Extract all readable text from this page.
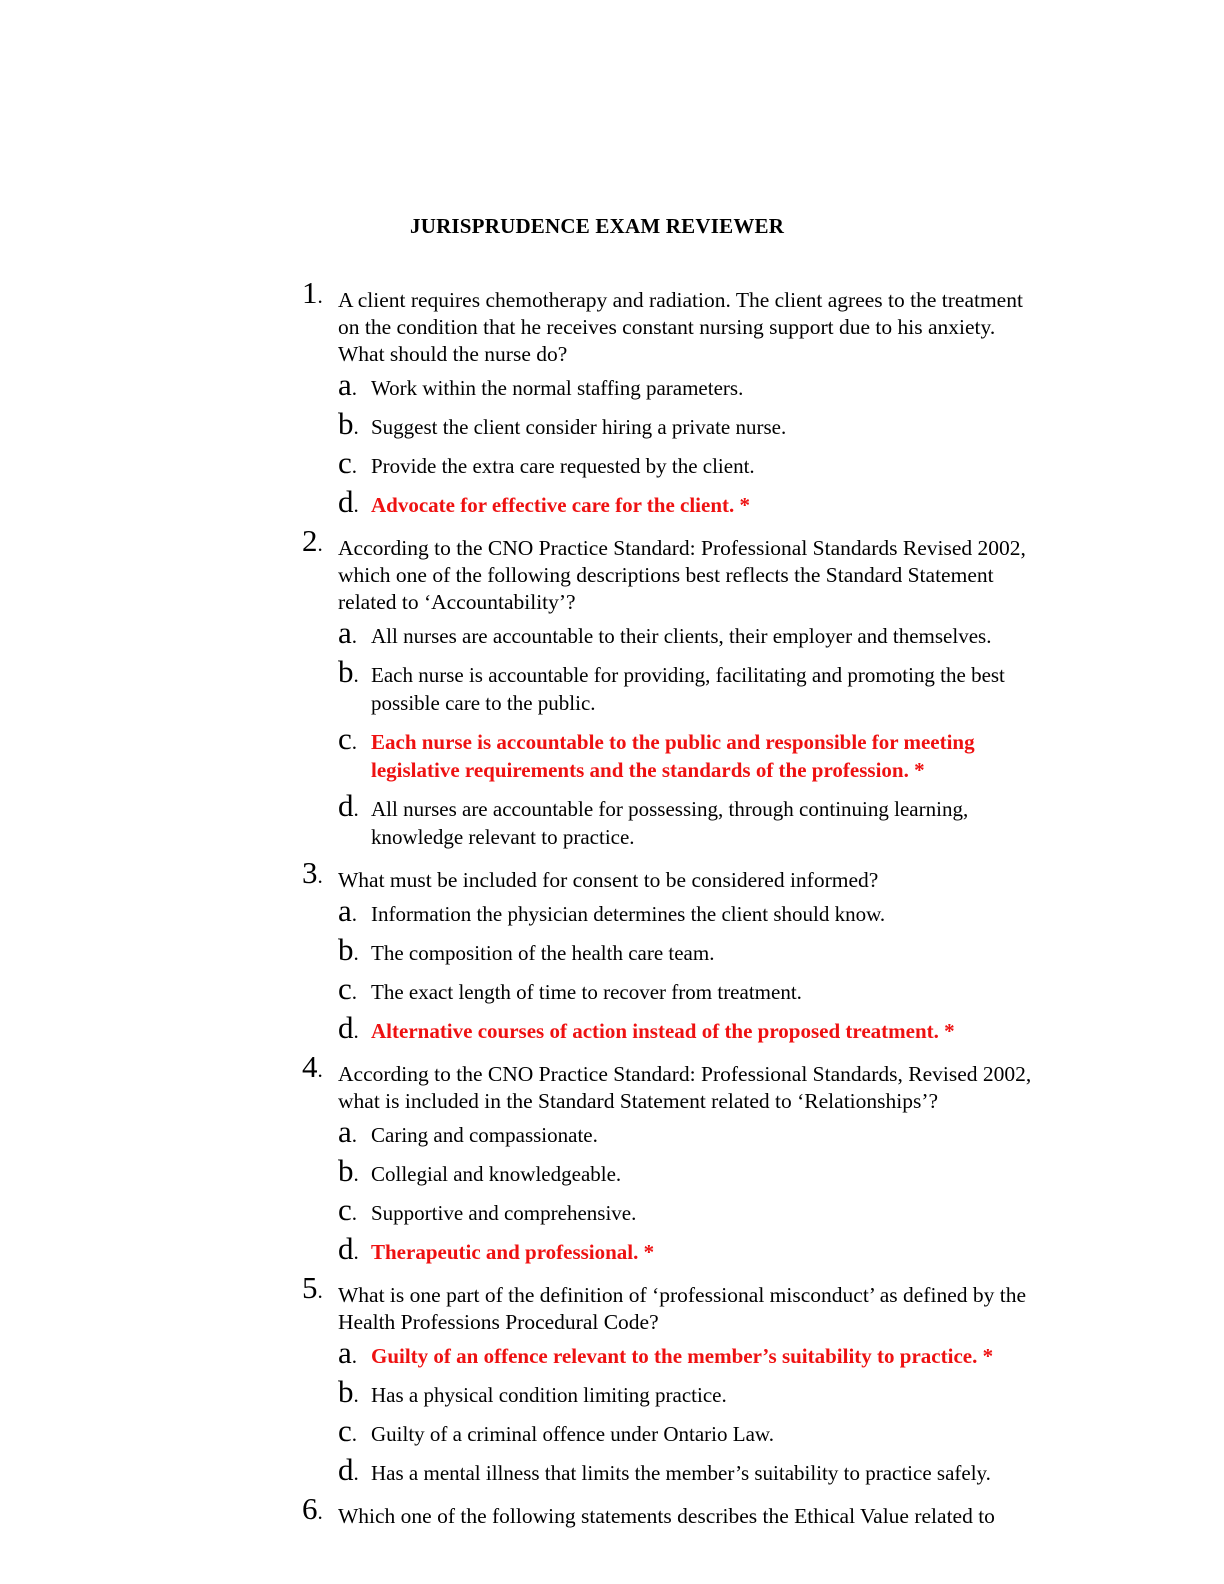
JURISPRUDENCE EXAM REVIEWER
1. A client requires chemotherapy and radiation. The client agrees to the treatment on the condition that he receives constant nursing support due to his anxiety. What should the nurse do?
a. Work within the normal staffing parameters.
b. Suggest the client consider hiring a private nurse.
c. Provide the extra care requested by the client.
d. Advocate for effective care for the client. *
2. According to the CNO Practice Standard: Professional Standards Revised 2002, which one of the following descriptions best reflects the Standard Statement related to ‘Accountability’?
a. All nurses are accountable to their clients, their employer and themselves.
b. Each nurse is accountable for providing, facilitating and promoting the best possible care to the public.
c. Each nurse is accountable to the public and responsible for meeting legislative requirements and the standards of the profession. *
d. All nurses are accountable for possessing, through continuing learning, knowledge relevant to practice.
3. What must be included for consent to be considered informed?
a. Information the physician determines the client should know.
b. The composition of the health care team.
c. The exact length of time to recover from treatment.
d. Alternative courses of action instead of the proposed treatment. *
4. According to the CNO Practice Standard: Professional Standards, Revised 2002, what is included in the Standard Statement related to ‘Relationships’?
a. Caring and compassionate.
b. Collegial and knowledgeable.
c. Supportive and comprehensive.
d. Therapeutic and professional. *
5. What is one part of the definition of ‘professional misconduct’ as defined by the Health Professions Procedural Code?
a. Guilty of an offence relevant to the member’s suitability to practice. *
b. Has a physical condition limiting practice.
c. Guilty of a criminal offence under Ontario Law.
d. Has a mental illness that limits the member’s suitability to practice safely.
6. Which one of the following statements describes the Ethical Value related to
